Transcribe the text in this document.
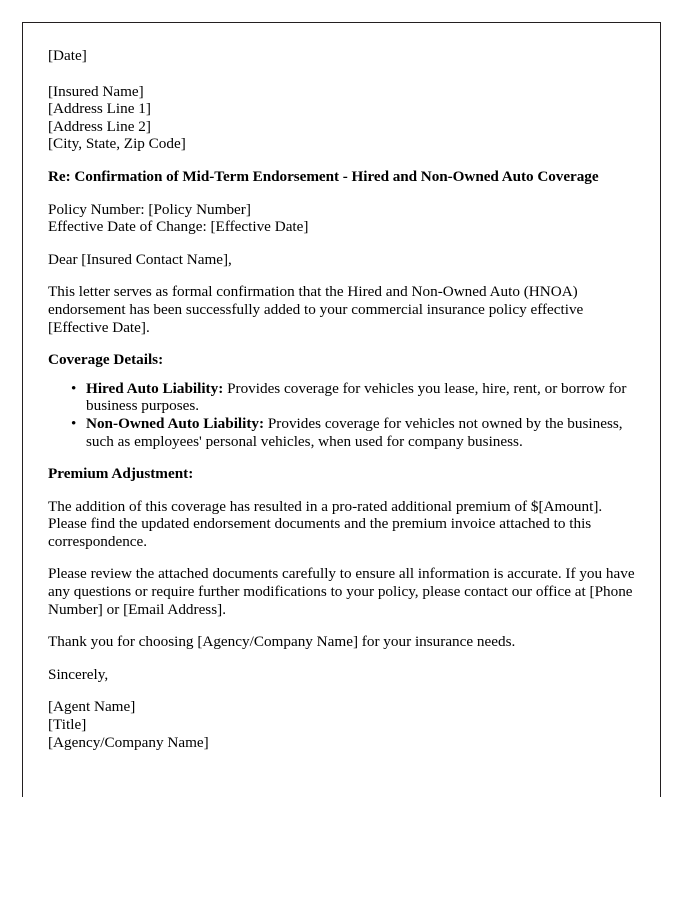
[Date]

[Insured Name]
[Address Line 1]
[Address Line 2]
[City, State, Zip Code]

Re: Confirmation of Mid-Term Endorsement - Hired and Non-Owned Auto Coverage

Policy Number: [Policy Number]
Effective Date of Change: [Effective Date]

Dear [Insured Contact Name],

This letter serves as formal confirmation that the Hired and Non-Owned Auto (HNOA) endorsement has been successfully added to your commercial insurance policy effective [Effective Date].

Coverage Details:

• Hired Auto Liability: Provides coverage for vehicles you lease, hire, rent, or borrow for business purposes.
• Non-Owned Auto Liability: Provides coverage for vehicles not owned by the business, such as employees' personal vehicles, when used for company business.

Premium Adjustment:

The addition of this coverage has resulted in a pro-rated additional premium of $[Amount]. Please find the updated endorsement documents and the premium invoice attached to this correspondence.

Please review the attached documents carefully to ensure all information is accurate. If you have any questions or require further modifications to your policy, please contact our office at [Phone Number] or [Email Address].

Thank you for choosing [Agency/Company Name] for your insurance needs.

Sincerely,

[Agent Name]
[Title]
[Agency/Company Name]
